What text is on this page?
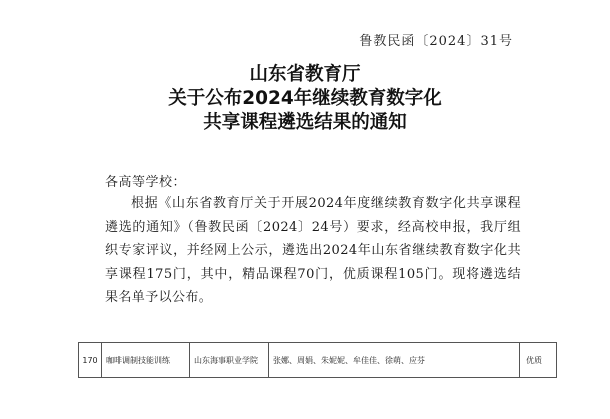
鲁教民函〔2024〕31号
山东省教育厅
关于公布2024年继续教育数字化
共享课程遴选结果的通知
各高等学校：
根据《山东省教育厅关于开展2024年度继续教育数字化共享课程遴选的通知》（鲁教民函〔2024〕24号）要求，经高校申报，我厅组织专家评议，并经网上公示，遴选出2024年山东省继续教育数字化共享课程175门，其中，精品课程70门，优质课程105门。现将遴选结果名单予以公布。
170	咖啡调制技能训练	山东海事职业学院	张娜、周娟、朱妮妮、牟佳佳、徐萌、应芬	优质
